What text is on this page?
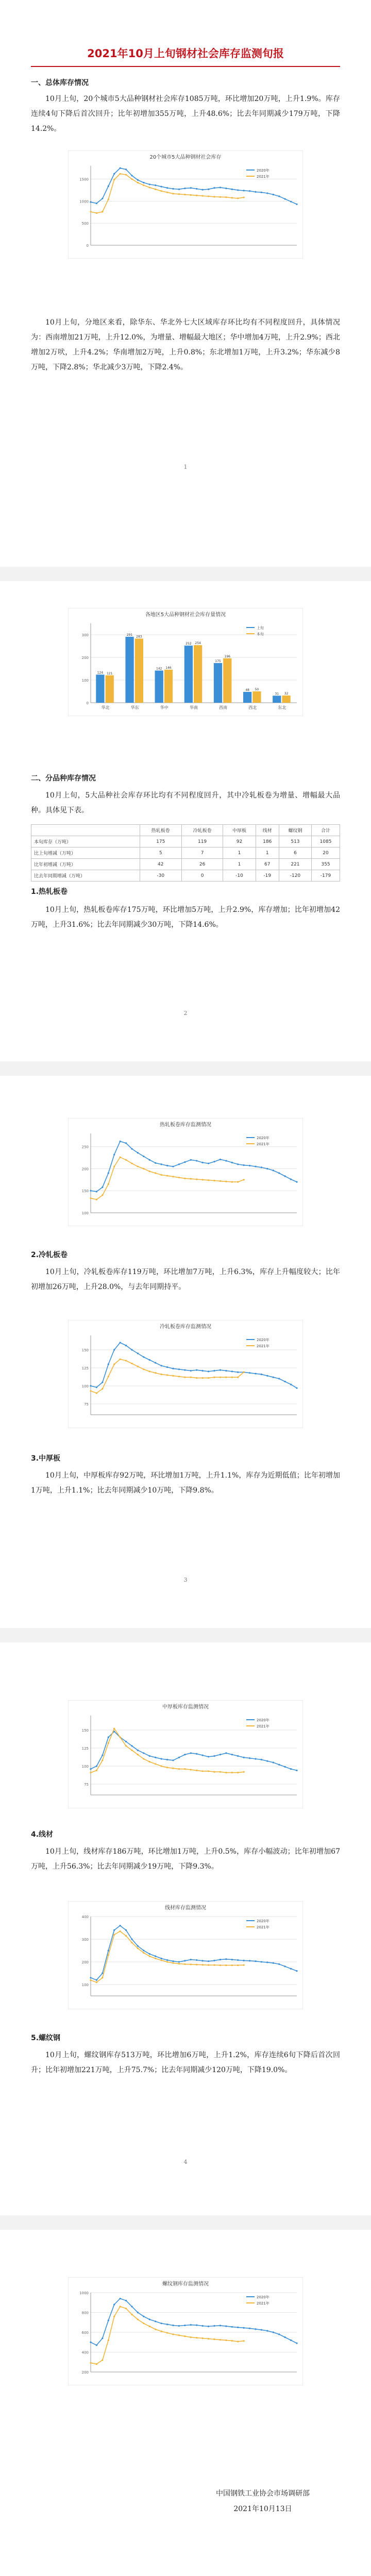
2021年10月上旬钢材社会库存监测旬报
一、总体库存情况
10月上旬，20个城市5大品种钢材社会库存1085万吨，环比增加20万吨，上升1.9%。库存连续4旬下降后首次回升；比年初增加355万吨，上升48.6%；比去年同期减少179万吨，下降14.2%。
20个城市5大品种钢材社会库存
0
500
1000
1500
2020年
2021年
10月上旬，分地区来看，除华东、华北外七大区域库存环比均有不同程度回升，具体情况为：西南增加21万吨，上升12.0%，为增量、增幅最大地区；华中增加4万吨，上升2.9%；西北增加2万吠，上升4.2%；华南增加2万吨，上升0.8%；东北增加1万吨，上升3.2%；华东减少8万吨，下降2.8%；华北减少3万吨，下降2.4%。
1
各地区5大品种钢材社会库存量情况
0
100
200
300
124 121
华北
291
283
华东
142 146
华中
252 254
华南
175
196
西南
48 50
西北
31 32
东北
上旬
本旬
二、分品种库存情况
10月上旬，5大品种社会库存环比均有不同程度回升，其中冷轧板卷为增量、增幅最大品种。具体见下表。
	热轧板卷	冷轧板卷	中厚板	线材	螺纹钢	合计
本旬库存（万吨）	175	119	92	186	513	1085
比上旬增减（万吨）	5	7	1	1	6	20
比年初增减（万吨）	42	26	1	67	221	355
比去年同期增减（万吨）	-30	0	-10	-19	-120	-179
1.热轧板卷
10月上旬，热轧板卷库存175万吨，环比增加5万吨，上升2.9%，库存增加；比年初增加42万吨，上升31.6%；比去年同期减少30万吨，下降14.6%。
2
热轧板卷库存监测情况
100
150
200
250
2020年
2021年
2.冷轧板卷
10月上旬，冷轧板卷库存119万吨，环比增加7万吨，上升6.3%，库存上升幅度较大；比年初增加26万吨，上升28.0%，与去年同期持平。
冷轧板卷库存监测情况
75
100
125
150
2020年
2021年
3.中厚板
10月上旬，中厚板库存92万吨，环比增加1万吨，上升1.1%，库存为近期低值；比年初增加1万吨，上升1.1%；比去年同期减少10万吨，下降9.8%。
3
中厚板库存监测情况
75
100
125
150
2020年
2021年
4.线材
10月上旬，线材库存186万吨，环比增加1万吨，上升0.5%，库存小幅波动；比年初增加67万吨，上升56.3%；比去年同期减少19万吨，下降9.3%。
线材库存监测情况
100
200
300
400
2020年
2021年
5.螺纹钢
10月上旬，螺纹钢库存513万吨，环比增加6万吨，上升1.2%，库存连续6旬下降后首次回升；比年初增加221万吨，上升75.7%；比去年同期减少120万吨，下降19.0%。
4
螺纹钢库存监测情况
200
400
600
800
1000
2020年
2021年
中国钢铁工业协会市场调研部
2021年10月13日
